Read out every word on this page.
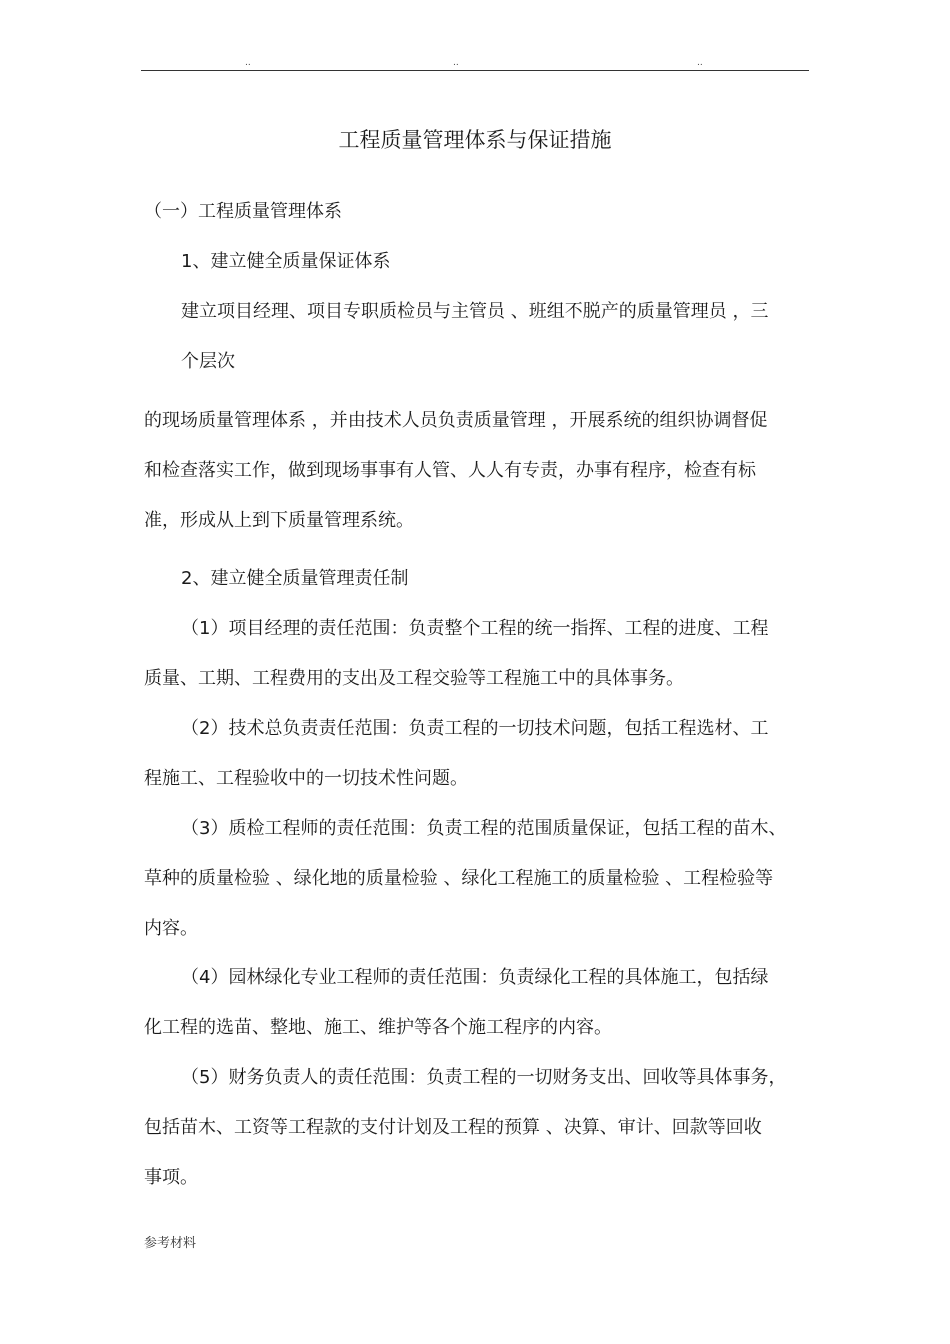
..	..	..
工程质量管理体系与保证措施
（一）工程质量管理体系
1、建立健全质量保证体系
建立项目经理、项目专职质检员与主管员 、班组不脱产的质量管理员 ，三
个层次
的现场质量管理体系 ，并由技术人员负责质量管理 ，开展系统的组织协调督促
和检查落实工作，做到现场事事有人管、人人有专责，办事有程序，检查有标
准，形成从上到下质量管理系统。
2、建立健全质量管理责任制
（1）项目经理的责任范围：负责整个工程的统一指挥、工程的进度、工程
质量、工期、工程费用的支出及工程交验等工程施工中的具体事务。
（2）技术总负责责任范围：负责工程的一切技术问题，包括工程选材、工
程施工、工程验收中的一切技术性问题。
（3）质检工程师的责任范围：负责工程的范围质量保证，包括工程的苗木、
草种的质量检验 、绿化地的质量检验 、绿化工程施工的质量检验 、工程检验等
内容。
（4）园林绿化专业工程师的责任范围：负责绿化工程的具体施工，包括绿
化工程的选苗、整地、施工、维护等各个施工程序的内容。
（5）财务负责人的责任范围：负责工程的一切财务支出、回收等具体事务，
包括苗木、工资等工程款的支付计划及工程的预算 、决算、审计、回款等回收
事项。
参考材料
